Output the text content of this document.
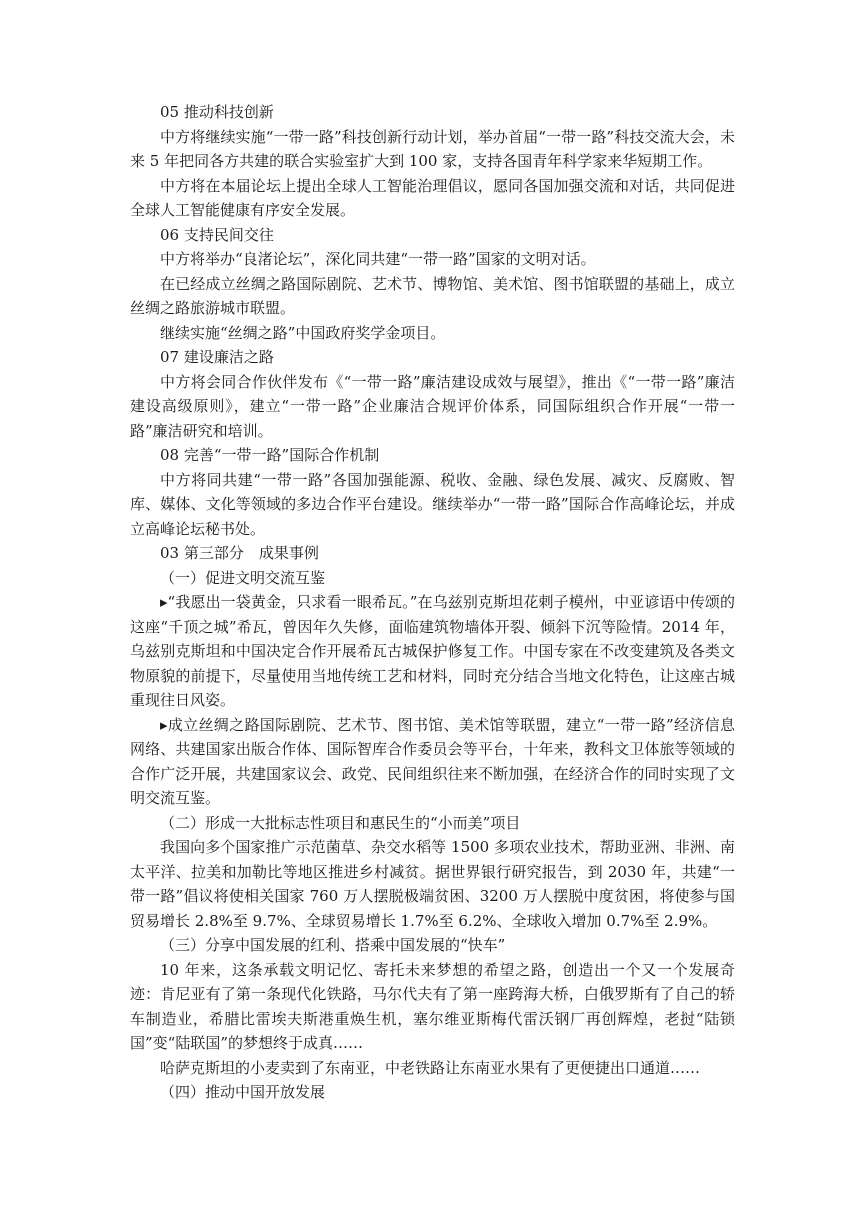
05 推动科技创新

中方将继续实施“一带一路”科技创新行动计划，举办首届“一带一路”科技交流大会，未来 5 年把同各方共建的联合实验室扩大到 100 家，支持各国青年科学家来华短期工作。

中方将在本届论坛上提出全球人工智能治理倡议，愿同各国加强交流和对话，共同促进全球人工智能健康有序安全发展。

06 支持民间交往

中方将举办“良渚论坛”，深化同共建“一带一路”国家的文明对话。

在已经成立丝绸之路国际剧院、艺术节、博物馆、美术馆、图书馆联盟的基础上，成立丝绸之路旅游城市联盟。

继续实施“丝绸之路”中国政府奖学金项目。

07 建设廉洁之路

中方将会同合作伙伴发布《“一带一路”廉洁建设成效与展望》，推出《“一带一路”廉洁建设高级原则》，建立“一带一路”企业廉洁合规评价体系，同国际组织合作开展“一带一路”廉洁研究和培训。

08 完善“一带一路”国际合作机制

中方将同共建“一带一路”各国加强能源、税收、金融、绿色发展、减灾、反腐败、智库、媒体、文化等领域的多边合作平台建设。继续举办“一带一路”国际合作高峰论坛，并成立高峰论坛秘书处。

03 第三部分　成果事例

（一）促进文明交流互鉴

▸“我愿出一袋黄金，只求看一眼希瓦。”在乌兹别克斯坦花剌子模州，中亚谚语中传颂的这座“千顶之城”希瓦，曾因年久失修，面临建筑物墙体开裂、倾斜下沉等险情。2014 年，乌兹别克斯坦和中国决定合作开展希瓦古城保护修复工作。中国专家在不改变建筑及各类文物原貌的前提下，尽量使用当地传统工艺和材料，同时充分结合当地文化特色，让这座古城重现往日风姿。

▸成立丝绸之路国际剧院、艺术节、图书馆、美术馆等联盟，建立“一带一路”经济信息网络、共建国家出版合作体、国际智库合作委员会等平台，十年来，教科文卫体旅等领域的合作广泛开展，共建国家议会、政党、民间组织往来不断加强，在经济合作的同时实现了文明交流互鉴。

（二）形成一大批标志性项目和惠民生的“小而美”项目

我国向多个国家推广示范菌草、杂交水稻等 1500 多项农业技术，帮助亚洲、非洲、南太平洋、拉美和加勒比等地区推进乡村减贫。据世界银行研究报告，到 2030 年，共建“一带一路”倡议将使相关国家 760 万人摆脱极端贫困、3200 万人摆脱中度贫困，将使参与国贸易增长 2.8%至 9.7%、全球贸易增长 1.7%至 6.2%、全球收入增加 0.7%至 2.9%。

（三）分享中国发展的红利、搭乘中国发展的“快车”

10 年来，这条承载文明记忆、寄托未来梦想的希望之路，创造出一个又一个发展奇迹：肯尼亚有了第一条现代化铁路，马尔代夫有了第一座跨海大桥，白俄罗斯有了自己的轿车制造业，希腊比雷埃夫斯港重焕生机，塞尔维亚斯梅代雷沃钢厂再创辉煌，老挝“陆锁国”变“陆联国”的梦想终于成真……

哈萨克斯坦的小麦卖到了东南亚，中老铁路让东南亚水果有了更便捷出口通道……

（四）推动中国开放发展
